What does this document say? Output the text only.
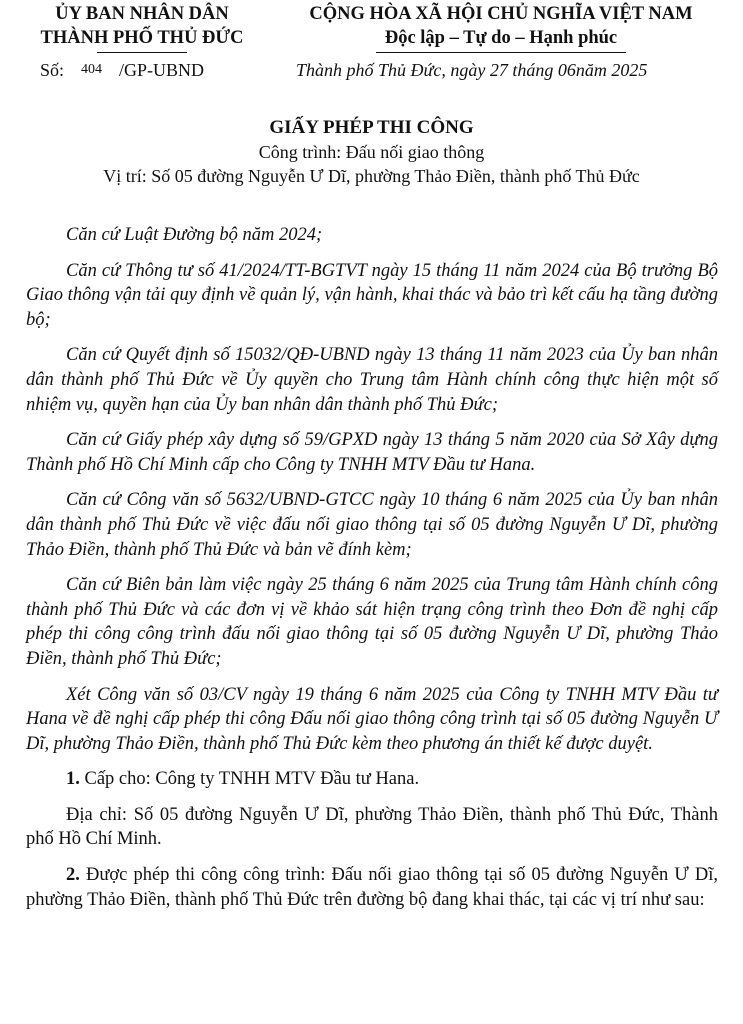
ỦY BAN NHÂN DÂN
THÀNH PHỐ THỦ ĐỨC
CỘNG HÒA XÃ HỘI CHỦ NGHĨA VIỆT NAM
Độc lập – Tự do – Hạnh phúc
Số: 404 /GP-UBND	Thành phố Thủ Đức, ngày 27 tháng 06năm 2025
GIẤY PHÉP THI CÔNG
Công trình: Đấu nối giao thông
Vị trí: Số 05 đường Nguyễn Ư Dĩ, phường Thảo Điền, thành phố Thủ Đức

Căn cứ Luật Đường bộ năm 2024;

Căn cứ Thông tư số 41/2024/TT-BGTVT ngày 15 tháng 11 năm 2024 của Bộ trưởng Bộ Giao thông vận tải quy định về quản lý, vận hành, khai thác và bảo trì kết cấu hạ tầng đường bộ;

Căn cứ Quyết định số 15032/QĐ-UBND ngày 13 tháng 11 năm 2023 của Ủy ban nhân dân thành phố Thủ Đức về Ủy quyền cho Trung tâm Hành chính công thực hiện một số nhiệm vụ, quyền hạn của Ủy ban nhân dân thành phố Thủ Đức;

Căn cứ Giấy phép xây dựng số 59/GPXD ngày 13 tháng 5 năm 2020 của Sở Xây dựng Thành phố Hồ Chí Minh cấp cho Công ty TNHH MTV Đầu tư Hana.

Căn cứ Công văn số 5632/UBND-GTCC ngày 10 tháng 6 năm 2025 của Ủy ban nhân dân thành phố Thủ Đức về việc đấu nối giao thông tại số 05 đường Nguyễn Ư Dĩ, phường Thảo Điền, thành phố Thủ Đức và bản vẽ đính kèm;

Căn cứ Biên bản làm việc ngày 25 tháng 6 năm 2025 của Trung tâm Hành chính công thành phố Thủ Đức và các đơn vị về khảo sát hiện trạng công trình theo Đơn đề nghị cấp phép thi công công trình đấu nối giao thông tại số 05 đường Nguyễn Ư Dĩ, phường Thảo Điền, thành phố Thủ Đức;

Xét Công văn số 03/CV ngày 19 tháng 6 năm 2025 của Công ty TNHH MTV Đầu tư Hana về đề nghị cấp phép thi công Đấu nối giao thông công trình tại số 05 đường Nguyễn Ư Dĩ, phường Thảo Điền, thành phố Thủ Đức kèm theo phương án thiết kế được duyệt.

1. Cấp cho: Công ty TNHH MTV Đầu tư Hana.

Địa chỉ: Số 05 đường Nguyễn Ư Dĩ, phường Thảo Điền, thành phố Thủ Đức, Thành phố Hồ Chí Minh.

2. Được phép thi công công trình: Đấu nối giao thông tại số 05 đường Nguyễn Ư Dĩ, phường Thảo Điền, thành phố Thủ Đức trên đường bộ đang khai thác, tại các vị trí như sau:
